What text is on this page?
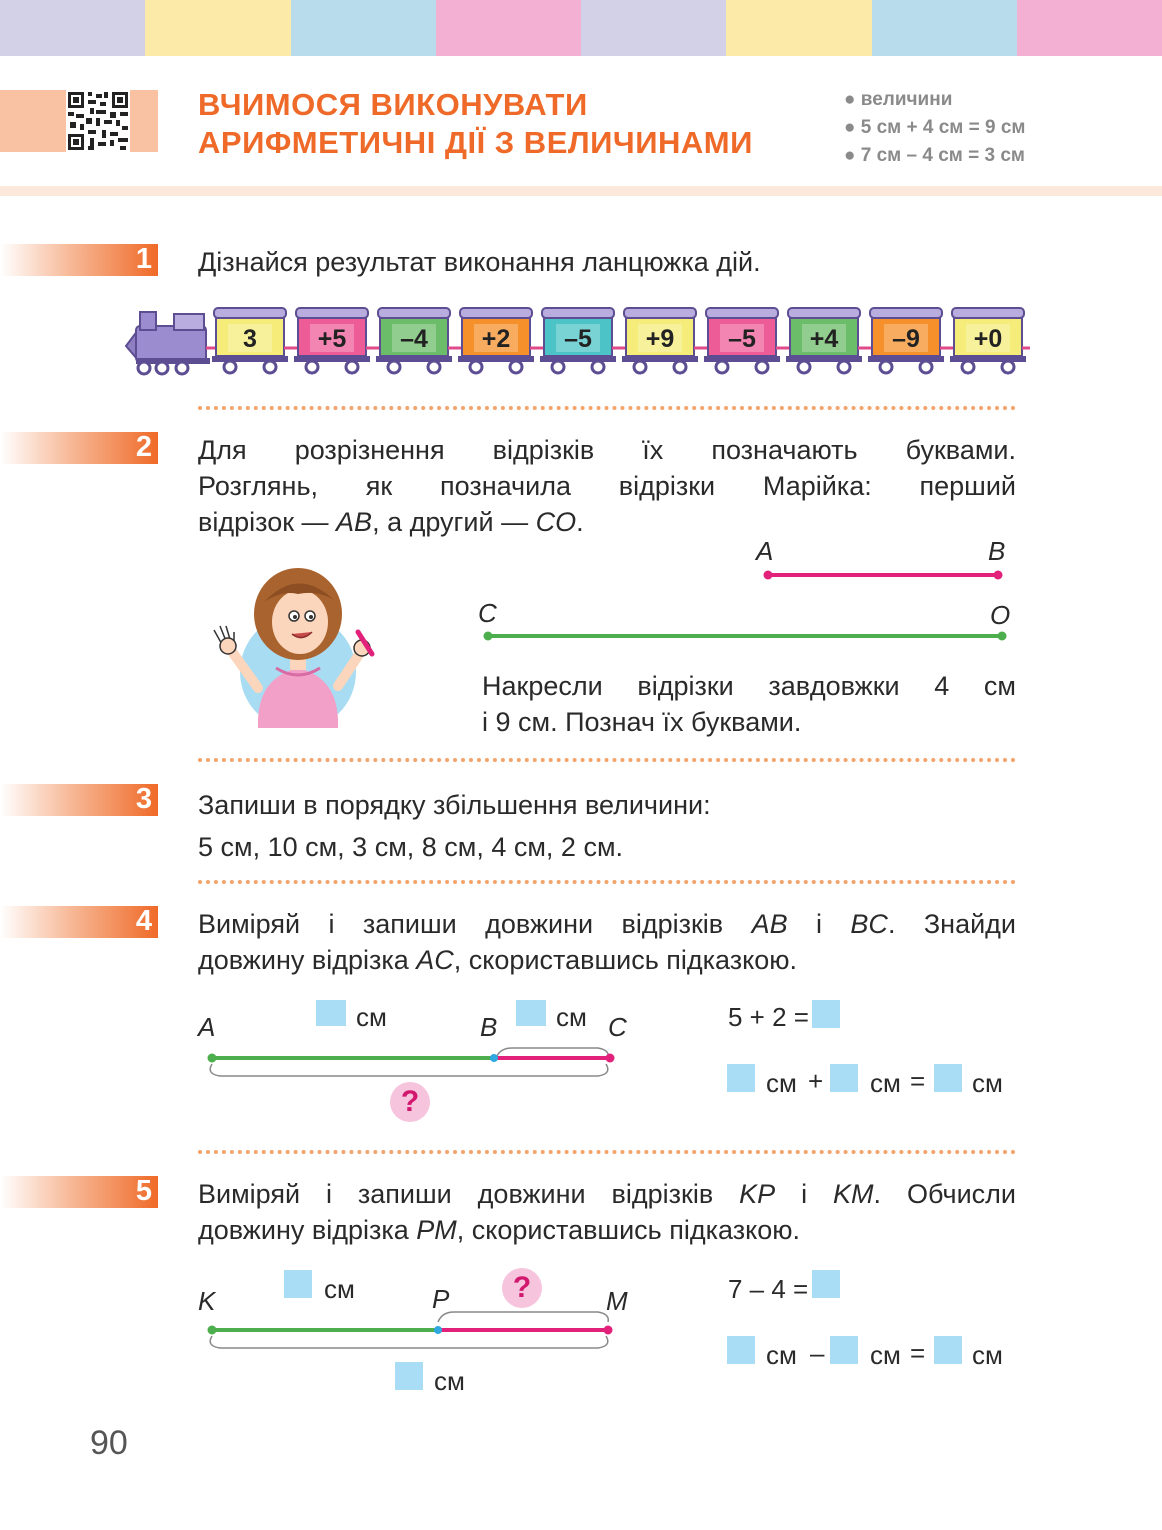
ВЧИМОСЯ ВИКОНУВАТИ
АРИФМЕТИЧНІ ДІЇ З ВЕЛИЧИНАМИ
● величини
● 5 см + 4 см = 9 см
● 7 см – 4 см = 3 см
1 Дізнайся результат виконання ланцюжка дій.
3 +5 –4 +2 –5 +9 –5 +4 –9 +0
2 Для розрізнення відрізків їх позначають буквами.
Розглянь, як позначила відрізки Марійка: перший
відрізок — AB, а другий — CO.
A	B
C	O
Накресли відрізки завдовжки 4 см
і 9 см. Познач їх буквами.
3 Запиши в порядку збільшення величини:
5 см, 10 см, 3 см, 8 см, 4 см, 2 см.
4 Виміряй і запиши довжини відрізків AB і BC. Знайди
довжину відрізка AC, скориставшись підказкою.
см	см
A	B	C
?
5 + 2 =
см + см = см
5 Виміряй і запиши довжини відрізків KP і KM. Обчисли
довжину відрізка PM, скориставшись підказкою.
см	?
K	P	M
см
7 – 4 =
см – см = см
90
